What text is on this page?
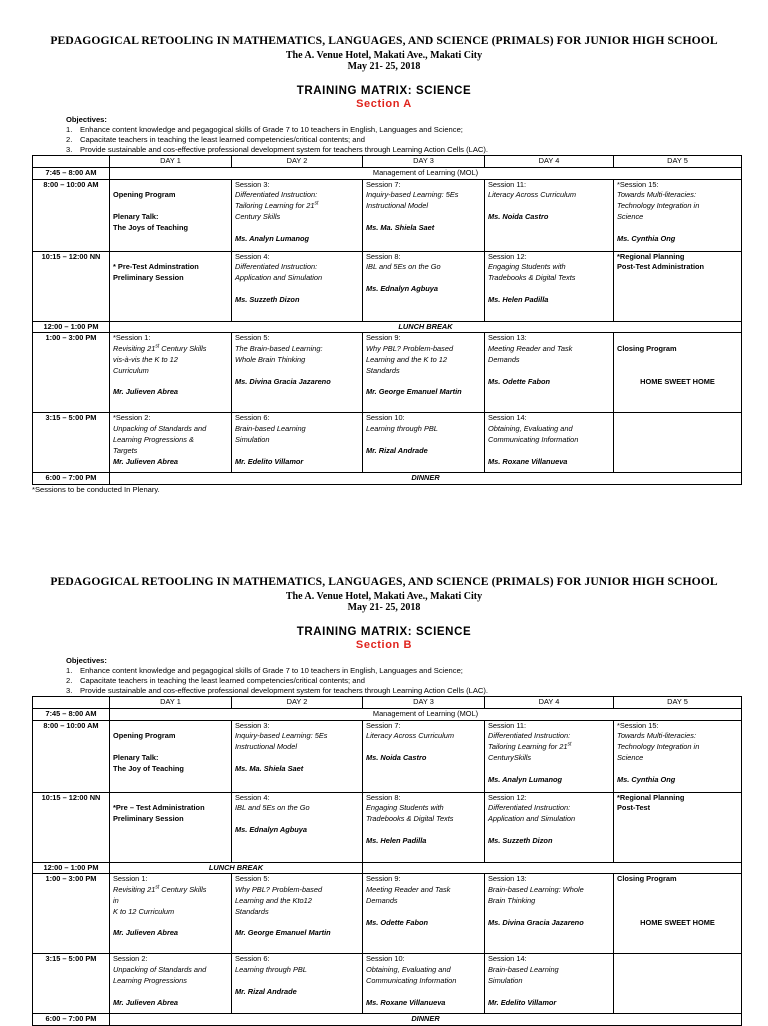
PEDAGOGICAL RETOOLING IN MATHEMATICS, LANGUAGES, AND SCIENCE (PRIMALS) FOR JUNIOR HIGH SCHOOL

The A. Venue Hotel, Makati Ave., Makati City

May 21- 25, 2018

TRAINING MATRIX: SCIENCE

Section A

Objectives:
1. Enhance content knowledge and pegagogical skills of Grade 7 to 10 teachers in English, Languages and Science;
2. Capacitate teachers in teaching the least learned competencies/critical contents; and
3. Provide sustainable and cos-effective professional development system for teachers through Learning Action Cells (LAC).
	DAY 1	DAY 2	DAY 3	DAY 4	DAY 5
7:45 – 8:00 AM	Management of Learning (MOL)				
8:00 – 10:00 AM	Opening Program
Plenary Talk:
The Joys of Teaching	Session 3:
Differentiated Instruction:
Tailoring Learning for 21st
Century Skills
Ms. Analyn Lumanog	Session 7:
Inquiry-based Learning: 5Es
Instructional Model
Ms. Ma. Shiela Saet	Session 11:
Literacy Across Curriculum
Ms. Noida Castro	*Session 15:
Towards Multi-literacies:
Technology Integration in
Science
Ms. Cynthia Ong

10:15 – 12:00 NN	* Pre-Test Adminstration
Preliminary Session	Session 4:
Differentiated Instruction:
Application and Simulation
Ms. Suzzeth Dizon	Session 8:
IBL and 5Es on the Go
Ms. Ednalyn Agbuya	Session 12:
Engaging Students with
Tradebooks & Digital Texts
Ms. Helen Padilla	*Regional Planning
Post-Test Administration

12:00 – 1:00 PM	LUNCH BREAK				
1:00 – 3:00 PM	*Session 1:
Revisiting 21st Century Skills
vis-à-vis the K to 12
Curriculum
Mr. Julieven Abrea	Session 5:
The Brain-based Learning:
Whole Brain Thinking
Ms. Divina Gracia Jazareno	Session 9:
Why PBL? Problem-based
Learning and the K to 12
Standards
Mr. George Emanuel Martin	Session 13:
Meeting Reader and Task
Demands
Ms. Odette Fabon	Closing Program
HOME SWEET HOME

3:15 – 5:00 PM	*Session 2:
Unpacking of Standards and
Learning Progressions &
Targets
Mr. Julieven Abrea	Session 6:
Brain-based Learning
Simulation
Mr. Edelito Villamor	Session 10:
Learning through PBL
Mr. Rizal Andrade	Session 14:
Obtaining, Evaluating and
Communicating Information
Ms. Roxane Villanueva	

6:00 – 7:00 PM	DINNER				
*Sessions to be conducted In Plenary.

PEDAGOGICAL RETOOLING IN MATHEMATICS, LANGUAGES, AND SCIENCE (PRIMALS) FOR JUNIOR HIGH SCHOOL

The A. Venue Hotel, Makati Ave., Makati City

May 21- 25, 2018

TRAINING MATRIX: SCIENCE

Section B

Objectives:
1. Enhance content knowledge and pegagogical skills of Grade 7 to 10 teachers in English, Languages and Science;
2. Capacitate teachers in teaching the least learned competencies/critical contents; and
3. Provide sustainable and cos-effective professional development system for teachers through Learning Action Cells (LAC).
	DAY 1	DAY 2	DAY 3	DAY 4	DAY 5
7:45 – 8:00 AM	Management of Learning (MOL)				
8:00 – 10:00 AM	Opening Program
Plenary Talk:
The Joy of Teaching	Session 3:
Inquiry-based Learning: 5Es
Instructional Model
Ms. Ma. Shiela Saet	Session 7:
Literacy Across Curriculum
Ms. Noida Castro	Session 11:
Differentiated Instruction:
Tailoring Learning for 21st
CenturySkills
Ms. Analyn Lumanog	*Session 15:
Towards Multi-literacies:
Technology Integration in
Science
Ms. Cynthia Ong

10:15 – 12:00 NN	*Pre – Test Administration
Preliminary Session	Session 4:
IBL and 5Es on the Go
Ms. Ednalyn Agbuya	Session 8:
Engaging Students with
Tradebooks & Digital Texts
Ms. Helen Padilla	Session 12:
Differentiated Instruction:
Application and Simulation
Ms. Suzzeth Dizon	*Regional Planning
Post-Test

12:00 – 1:00 PM	LUNCH BREAK				
1:00 – 3:00 PM	Session 1:
Revisiting 21st Century Skills
in
K to 12 Curriculum
Mr. Julieven Abrea	Session 5:
Why PBL? Problem-based
Learning and the Kto12
Standards
Mr. George Emanuel Martin	Session 9:
Meeting Reader and Task
Demands
Ms. Odette Fabon	Session 13:
Brain-based Learning: Whole
Brain Thinking
Ms. Divina Gracia Jazareno	Closing Program
HOME SWEET HOME

3:15 – 5:00 PM	Session 2:
Unpacking of Standards and
Learning Progressions
Mr. Julieven Abrea	Session 6:
Learning through PBL
Mr. Rizal Andrade	Session 10:
Obtaining, Evaluating and
Communicating Information
Ms. Roxane Villanueva	Session 14:
Brain-based Learning
Simulation
Mr. Edelito Villamor	

6:00 – 7:00 PM	DINNER				
